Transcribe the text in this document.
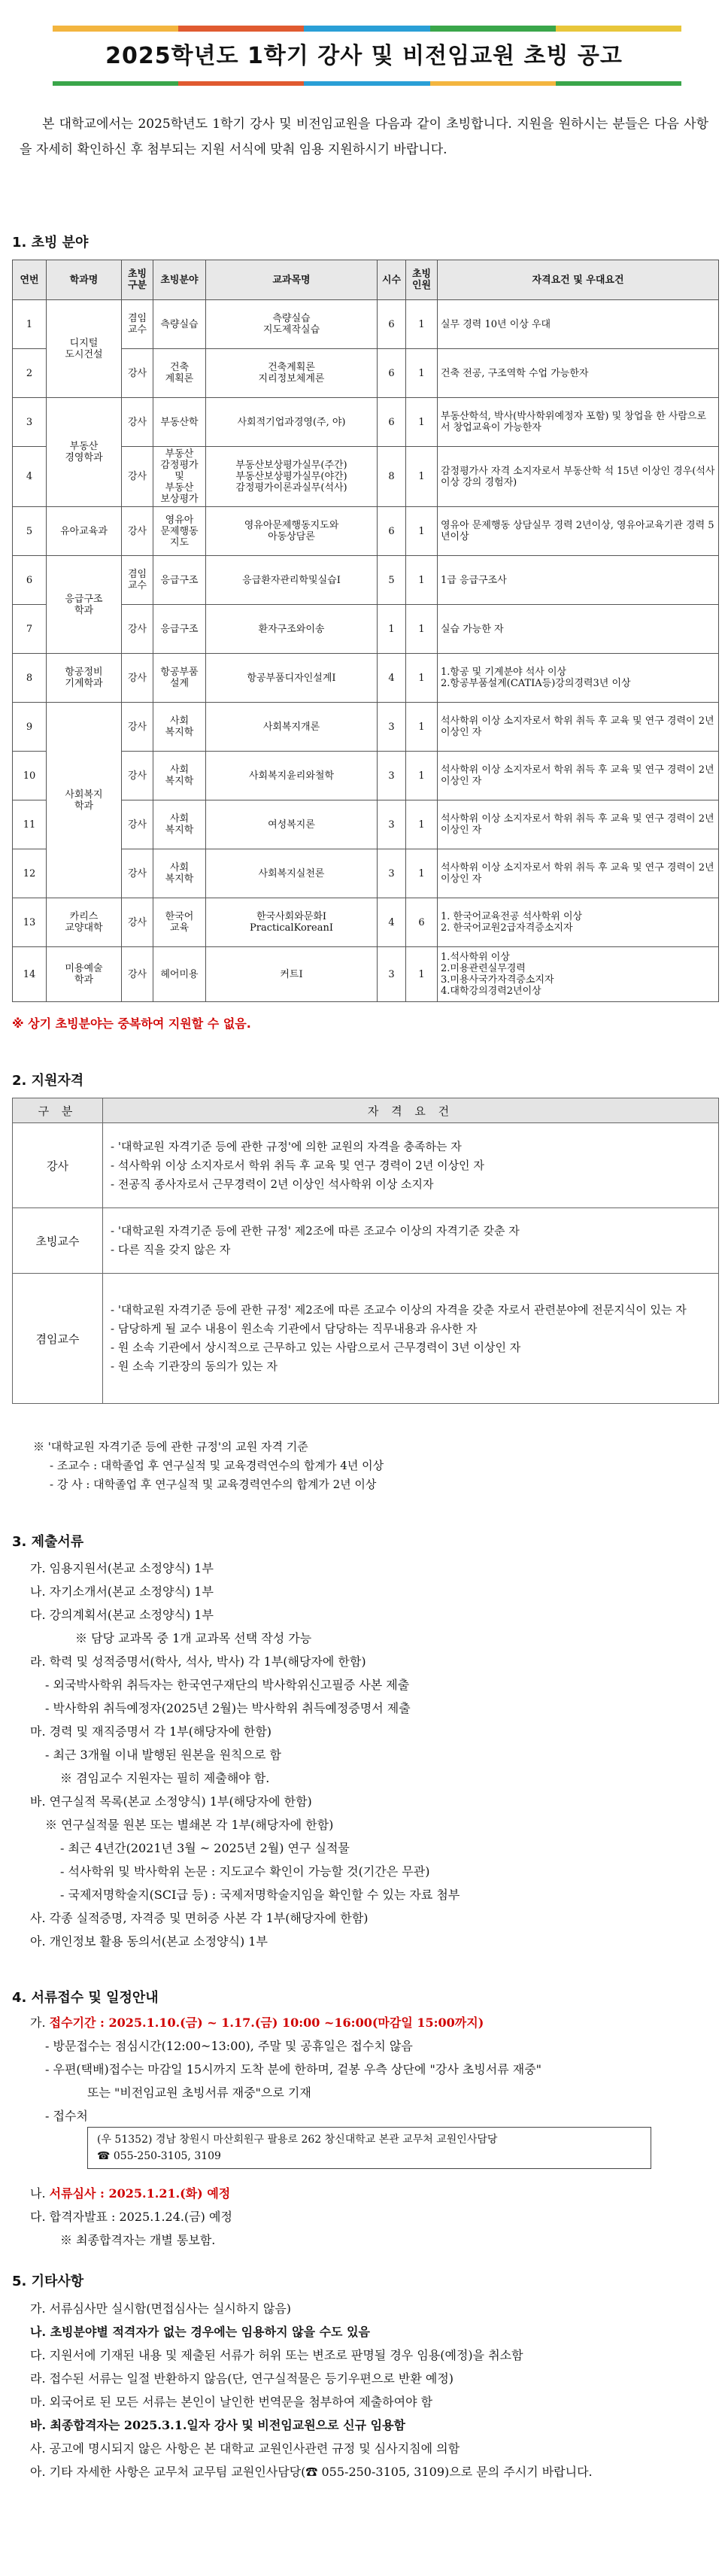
2025학년도 1학기 강사 및 비전임교원 초빙 공고

본 대학교에서는 2025학년도 1학기 강사 및 비전임교원을 다음과 같이 초빙합니다. 지원을 원하시는 분들은 다음 사항을 자세히 확인하신 후 첨부되는 지원 서식에 맞춰 임용 지원하시기 바랍니다.

1. 초빙 분야
연번	학과명	초빙
구분	초빙분야	교과목명	시수	초빙
인원	자격요건 및 우대요건
1	디지털
도시건설	겸임
교수	측량실습	측량실습
지도제작실습	6	1	실무 경력 10년 이상 우대
2		강사	건축
계획론	건축계획론
지리정보체계론	6	1	건축 전공, 구조역학 수업 가능한자
3	부동산
경영학과	강사	부동산학	사회적기업과경영(주, 야)	6	1	부동산학석, 박사(박사학위예정자 포함) 및 창업을 한 사람으로서 창업교육이 가능한자
4		강사	부동산
감정평가
및
부동산
보상평가	부동산보상평가실무(주간)
부동산보상평가실무(야간)
감정평가이론과실무(석사)	8	1	감정평가사 자격 소지자로서 부동산학 석 15년 이상인 경우(석사 이상 강의 경험자)
5	유아교육과	강사	영유아
문제행동
지도	영유아문제행동지도와
아동상담론	6	1	영유아 문제행동 상담실무 경력 2년이상, 영유아교육기관 경력 5년이상
6	응급구조
학과	겸임
교수	응급구조	응급환자관리학및실습Ⅰ	5	1	1급 응급구조사
7		강사	응급구조	환자구조와이송	1	1	실습 가능한 자
8	항공정비
기계학과	강사	항공부품
설계	항공부품디자인설계Ⅰ	4	1	1.항공 및 기계분야 석사 이상
2.항공부품설계(CATIA등)강의경력3년 이상
9	사회복지
학과	강사	사회
복지학	사회복지개론	3	1	석사학위 이상 소지자로서 학위 취득 후 교육 및 연구 경력이 2년 이상인 자
10		강사	사회
복지학	사회복지윤리와철학	3	1	석사학위 이상 소지자로서 학위 취득 후 교육 및 연구 경력이 2년 이상인 자
11		강사	사회
복지학	여성복지론	3	1	석사학위 이상 소지자로서 학위 취득 후 교육 및 연구 경력이 2년 이상인 자
12		강사	사회
복지학	사회복지실천론	3	1	석사학위 이상 소지자로서 학위 취득 후 교육 및 연구 경력이 2년 이상인 자
13	카리스
교양대학	강사	한국어
교육	한국사회와문화Ⅰ
PracticalKoreanⅠ	4	6	1. 한국어교육전공 석사학위 이상
2. 한국어교원2급자격증소지자
14	미용예술
학과	강사	헤어미용	커트Ⅰ	3	1	1.석사학위 이상
2.미용관련실무경력
3.미용사국가자격증소지자
4.대학강의경력2년이상
※ 상기 초빙분야는 중복하여 지원할 수 없음.
2. 지원자격
구 분	자 격 요 건
강사	- '대학교원 자격기준 등에 관한 규정'에 의한 교원의 자격을 충족하는 자
- 석사학위 이상 소지자로서 학위 취득 후 교육 및 연구 경력이 2년 이상인 자
- 전공직 종사자로서 근무경력이 2년 이상인 석사학위 이상 소지자

초빙교수	- '대학교원 자격기준 등에 관한 규정' 제2조에 따른 조교수 이상의 자격기준 갖춘 자
- 다른 직을 갖지 않은 자

겸임교수	- '대학교원 자격기준 등에 관한 규정' 제2조에 따른 조교수 이상의 자격을 갖춘 자로서 관련분야에 전문지식이 있는 자
- 담당하게 될 교수 내용이 원소속 기관에서 담당하는 직무내용과 유사한 자
- 원 소속 기관에서 상시적으로 근무하고 있는 사람으로서 근무경력이 3년 이상인 자
- 원 소속 기관장의 동의가 있는 자
※ '대학교원 자격기준 등에 관한 규정'의 교원 자격 기준
- 조교수 : 대학졸업 후 연구실적 및 교육경력연수의 합계가 4년 이상
- 강 사 : 대학졸업 후 연구실적 및 교육경력연수의 합계가 2년 이상
3. 제출서류
가. 임용지원서(본교 소정양식) 1부
나. 자기소개서(본교 소정양식) 1부
다. 강의계획서(본교 소정양식) 1부
※ 담당 교과목 중 1개 교과목 선택 작성 가능
라. 학력 및 성적증명서(학사, 석사, 박사) 각 1부(해당자에 한함)
- 외국박사학위 취득자는 한국연구재단의 박사학위신고필증 사본 제출
- 박사학위 취득예정자(2025년 2월)는 박사학위 취득예정증명서 제출
마. 경력 및 재직증명서 각 1부(해당자에 한함)
- 최근 3개월 이내 발행된 원본을 원칙으로 함
※ 겸임교수 지원자는 필히 제출해야 함.
바. 연구실적 목록(본교 소정양식) 1부(해당자에 한함)
※ 연구실적물 원본 또는 별쇄본 각 1부(해당자에 한함)
- 최근 4년간(2021년 3월 ~ 2025년 2월) 연구 실적물
- 석사학위 및 박사학위 논문 : 지도교수 확인이 가능할 것(기간은 무관)
- 국제저명학술지(SCI급 등) : 국제저명학술지임을 확인할 수 있는 자료 첨부
사. 각종 실적증명, 자격증 및 면허증 사본 각 1부(해당자에 한함)
아. 개인정보 활용 동의서(본교 소정양식) 1부
4. 서류접수 및 일정안내
가. 접수기간 : 2025.1.10.(금) ~ 1.17.(금) 10:00 ~16:00(마감일 15:00까지)
- 방문접수는 점심시간(12:00~13:00), 주말 및 공휴일은 접수치 않음
- 우편(택배)접수는 마감일 15시까지 도착 분에 한하며, 겉봉 우측 상단에 "강사 초빙서류 재중"
또는 "비전임교원 초빙서류 재중"으로 기재
- 접수처
(우 51352) 경남 창원시 마산회원구 팔용로 262 창신대학교 본관 교무처 교원인사담당
☎ 055-250-3105, 3109
나. 서류심사 : 2025.1.21.(화) 예정
다. 합격자발표 : 2025.1.24.(금) 예정
※ 최종합격자는 개별 통보함.
5. 기타사항
가. 서류심사만 실시함(면접심사는 실시하지 않음)
나. 초빙분야별 적격자가 없는 경우에는 임용하지 않을 수도 있음
다. 지원서에 기재된 내용 및 제출된 서류가 허위 또는 변조로 판명될 경우 임용(예정)을 취소함
라. 접수된 서류는 일절 반환하지 않음(단, 연구실적물은 등기우편으로 반환 예정)
마. 외국어로 된 모든 서류는 본인이 날인한 번역문을 첨부하여 제출하여야 함
바. 최종합격자는 2025.3.1.일자 강사 및 비전임교원으로 신규 임용함
사. 공고에 명시되지 않은 사항은 본 대학교 교원인사관련 규정 및 심사지침에 의함
아. 기타 자세한 사항은 교무처 교무팀 교원인사담당(☎ 055-250-3105, 3109)으로 문의 주시기 바랍니다.
